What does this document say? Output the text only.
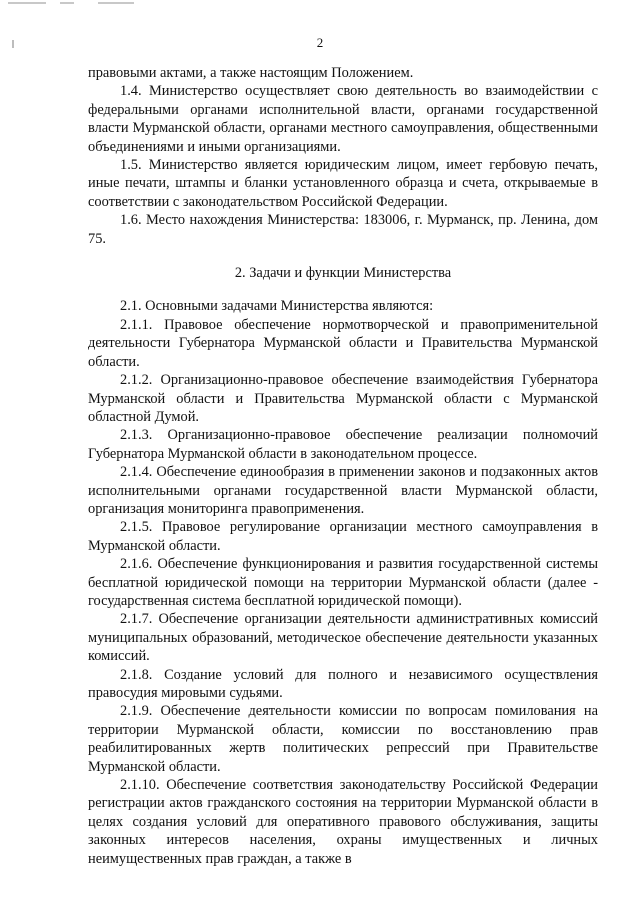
2

правовыми актами, а также настоящим Положением.

1.4. Министерство осуществляет свою деятельность во взаимодействии с федеральными органами исполнительной власти, органами государственной власти Мурманской области, органами местного самоуправления, общественными объединениями и иными организациями.

1.5. Министерство является юридическим лицом, имеет гербовую печать, иные печати, штампы и бланки установленного образца и счета, открываемые в соответствии с законодательством Российской Федерации.

1.6. Место нахождения Министерства: 183006, г. Мурманск, пр. Ленина, дом 75.

2. Задачи и функции Министерства

2.1. Основными задачами Министерства являются:

2.1.1. Правовое обеспечение нормотворческой и правоприменительной деятельности Губернатора Мурманской области и Правительства Мурманской области.

2.1.2. Организационно-правовое обеспечение взаимодействия Губернатора Мурманской области и Правительства Мурманской области с Мурманской областной Думой.

2.1.3. Организационно-правовое обеспечение реализации полномочий Губернатора Мурманской области в законодательном процессе.

2.1.4. Обеспечение единообразия в применении законов и подзаконных актов исполнительными органами государственной власти Мурманской области, организация мониторинга правоприменения.

2.1.5. Правовое регулирование организации местного самоуправления в Мурманской области.

2.1.6. Обеспечение функционирования и развития государственной системы бесплатной юридической помощи на территории Мурманской области (далее - государственная система бесплатной юридической помощи).

2.1.7. Обеспечение организации деятельности административных комиссий муниципальных образований, методическое обеспечение деятельности указанных комиссий.

2.1.8. Создание условий для полного и независимого осуществления правосудия мировыми судьями.

2.1.9. Обеспечение деятельности комиссии по вопросам помилования на территории Мурманской области, комиссии по восстановлению прав реабилитированных жертв политических репрессий при Правительстве Мурманской области.

2.1.10. Обеспечение соответствия законодательству Российской Федерации регистрации актов гражданского состояния на территории Мурманской области в целях создания условий для оперативного правового обслуживания, защиты законных интересов населения, охраны имущественных и личных неимущественных прав граждан, а также в
